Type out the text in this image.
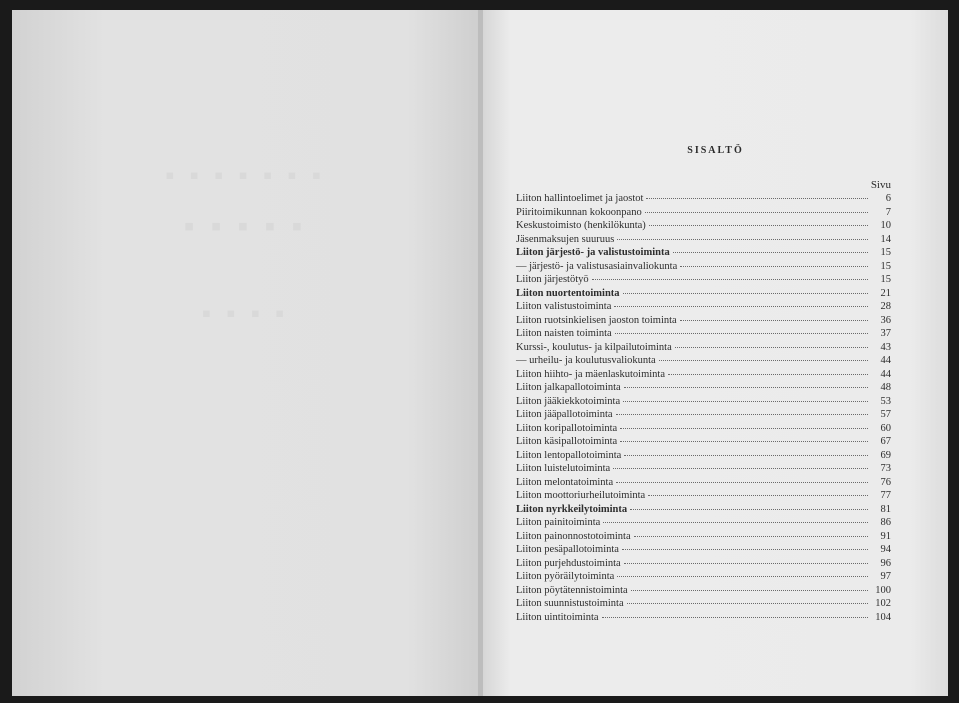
▪ ▪ ▪ ▪ ▪ ▪ ▪
▪ ▪ ▪ ▪ ▪
▪ ▪ ▪ ▪
SISALTÖ
Sivu
Liiton hallintoelimet ja jaostot	6
Piiritoimikunnan kokoonpano	7
Keskustoimisto (henkilökunta)	10
Jäsenmaksujen suuruus	14
Liiton järjestö- ja valistustoiminta	15
— järjestö- ja valistusasiainvaliokunta	15
Liiton järjestötyö	15
Liiton nuortentoiminta	21
Liiton valistustoiminta	28
Liiton ruotsinkielisen jaoston toiminta	36
Liiton naisten toiminta	37
Kurssi-, koulutus- ja kilpailutoiminta	43
— urheilu- ja koulutusvaliokunta	44
Liiton hiihto- ja mäenlaskutoiminta	44
Liiton jalkapallotoiminta	48
Liiton jääkiekkotoiminta	53
Liiton jääpallotoiminta	57
Liiton koripallotoiminta	60
Liiton käsipallotoiminta	67
Liiton lentopallotoiminta	69
Liiton luistelutoiminta	73
Liiton melontatoiminta	76
Liiton moottoriurheilutoiminta	77
Liiton nyrkkeilytoiminta	81
Liiton painitoiminta	86
Liiton painonnostotoiminta	91
Liiton pesäpallotoiminta	94
Liiton purjehdustoiminta	96
Liiton pyöräilytoiminta	97
Liiton pöytätennistoiminta	100
Liiton suunnistustoiminta	102
Liiton uintitoiminta	104
